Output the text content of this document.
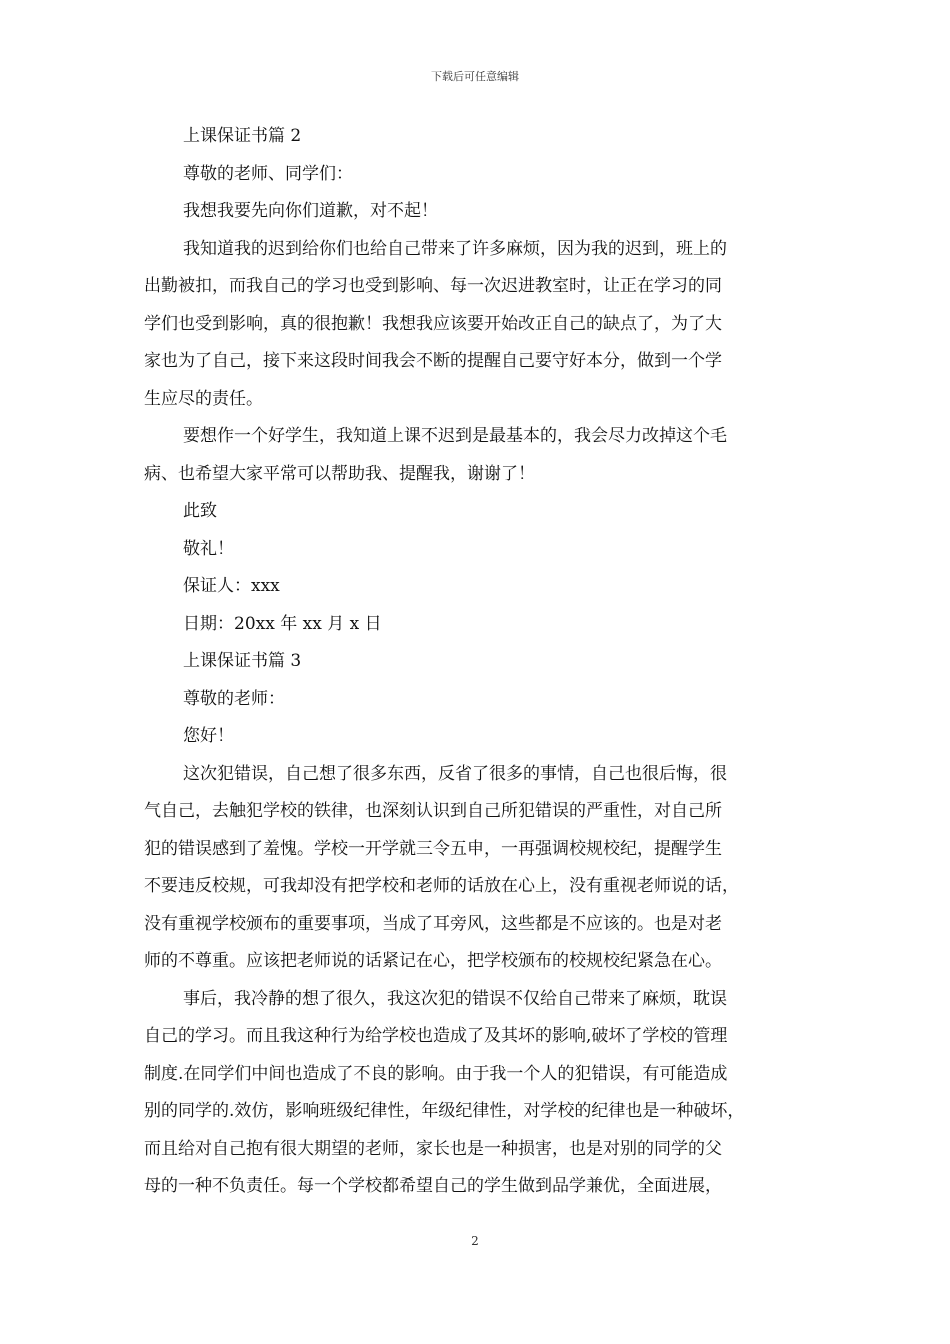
下载后可任意编辑
上课保证书篇 2
尊敬的老师、同学们：
我想我要先向你们道歉，对不起！
我知道我的迟到给你们也给自己带来了许多麻烦，因为我的迟到，班上的
出勤被扣，而我自己的学习也受到影响、每一次迟进教室时，让正在学习的同
学们也受到影响，真的很抱歉！我想我应该要开始改正自己的缺点了，为了大
家也为了自己，接下来这段时间我会不断的提醒自己要守好本分，做到一个学
生应尽的责任。
要想作一个好学生，我知道上课不迟到是最基本的，我会尽力改掉这个毛
病、也希望大家平常可以帮助我、提醒我，谢谢了！
此致
敬礼！
保证人：xxx
日期：20xx 年 xx 月 x 日
上课保证书篇 3
尊敬的老师：
您好！
这次犯错误，自己想了很多东西，反省了很多的事情，自己也很后悔，很
气自己，去触犯学校的铁律，也深刻认识到自己所犯错误的严重性，对自己所
犯的错误感到了羞愧。学校一开学就三令五申，一再强调校规校纪，提醒学生
不要违反校规，可我却没有把学校和老师的话放在心上，没有重视老师说的话，
没有重视学校颁布的重要事项，当成了耳旁风，这些都是不应该的。也是对老
师的不尊重。应该把老师说的话紧记在心，把学校颁布的校规校纪紧急在心。
事后，我冷静的想了很久，我这次犯的错误不仅给自己带来了麻烦，耽误
自己的学习。而且我这种行为给学校也造成了及其坏的影响,破坏了学校的管理
制度.在同学们中间也造成了不良的影响。由于我一个人的犯错误，有可能造成
别的同学的.效仿，影响班级纪律性，年级纪律性，对学校的纪律也是一种破坏，
而且给对自己抱有很大期望的老师，家长也是一种损害，也是对别的同学的父
母的一种不负责任。每一个学校都希望自己的学生做到品学兼优，全面进展，
2
